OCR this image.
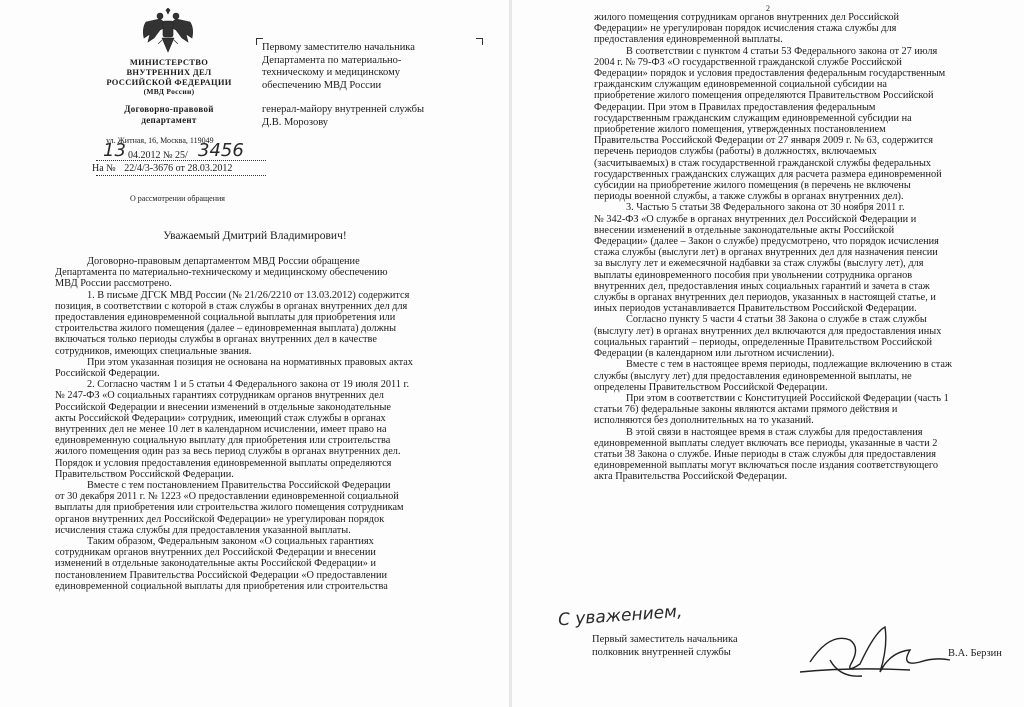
МИНИСТЕРСТВО
ВНУТРЕННИХ ДЕЛ
РОССИЙСКОЙ ФЕДЕРАЦИИ
(МВД России)
Договорно-правовой
департамент
ул. Житная, 16, Москва, 119049
13 04.2012 № 25/ 3456
На № 22/4/3-3676 от 28.03.2012
О рассмотрении обращения
Первому заместителю начальника
Департамента по материально-
техническому и медицинскому
обеспечению МВД России
генерал-майору внутренней службы
Д.В. Морозову
Уважаемый Дмитрий Владимирович!
Договорно-правовым департаментом МВД России обращение
Департамента по материально-техническому и медицинскому обеспечению
МВД России рассмотрено.
1. В письме ДГСК МВД России (№ 21/26/2210 от 13.03.2012) содержится
позиция, в соответствии с которой в стаж службы в органах внутренних дел для
предоставления единовременной социальной выплаты для приобретения или
строительства жилого помещения (далее – единовременная выплата) должны
включаться только периоды службы в органах внутренних дел в качестве
сотрудников, имеющих специальные звания.
При этом указанная позиция не основана на нормативных правовых актах
Российской Федерации.
2. Согласно частям 1 и 5 статьи 4 Федерального закона от 19 июля 2011 г.
№ 247-ФЗ «О социальных гарантиях сотрудникам органов внутренних дел
Российской Федерации и внесении изменений в отдельные законодательные
акты Российской Федерации» сотрудник, имеющий стаж службы в органах
внутренних дел не менее 10 лет в календарном исчислении, имеет право на
единовременную социальную выплату для приобретения или строительства
жилого помещения один раз за весь период службы в органах внутренних дел.
Порядок и условия предоставления единовременной выплаты определяются
Правительством Российской Федерации.
Вместе с тем постановлением Правительства Российской Федерации
от 30 декабря 2011 г. № 1223 «О предоставлении единовременной социальной
выплаты для приобретения или строительства жилого помещения сотрудникам
органов внутренних дел Российской Федерации» не урегулирован порядок
исчисления стажа службы для предоставления указанной выплаты.
Таким образом, Федеральным законом «О социальных гарантиях
сотрудникам органов внутренних дел Российской Федерации и внесении
изменений в отдельные законодательные акты Российской Федерации» и
постановлением Правительства Российской Федерации «О предоставлении
единовременной социальной выплаты для приобретения или строительства
2
жилого помещения сотрудникам органов внутренних дел Российской
Федерации» не урегулирован порядок исчисления стажа службы для
предоставления единовременной выплаты.
В соответствии с пунктом 4 статьи 53 Федерального закона от 27 июля
2004 г. № 79-ФЗ «О государственной гражданской службе Российской
Федерации» порядок и условия предоставления федеральным государственным
гражданским служащим единовременной социальной субсидии на
приобретение жилого помещения определяются Правительством Российской
Федерации. При этом в Правилах предоставления федеральным
государственным гражданским служащим единовременной субсидии на
приобретение жилого помещения, утвержденных постановлением
Правительства Российской Федерации от 27 января 2009 г. № 63, содержится
перечень периодов службы (работы) в должностях, включаемых
(засчитываемых) в стаж государственной гражданской службы федеральных
государственных гражданских служащих для расчета размера единовременной
субсидии на приобретение жилого помещения (в перечень не включены
периоды военной службы, а также службы в органах внутренних дел).
3. Частью 5 статьи 38 Федерального закона от 30 ноября 2011 г.
№ 342-ФЗ «О службе в органах внутренних дел Российской Федерации и
внесении изменений в отдельные законодательные акты Российской
Федерации» (далее – Закон о службе) предусмотрено, что порядок исчисления
стажа службы (выслуги лет) в органах внутренних дел для назначения пенсии
за выслугу лет и ежемесячной надбавки за стаж службы (выслугу лет), для
выплаты единовременного пособия при увольнении сотрудника органов
внутренних дел, предоставления иных социальных гарантий и зачета в стаж
службы в органах внутренних дел периодов, указанных в настоящей статье, и
иных периодов устанавливается Правительством Российской Федерации.
Согласно пункту 5 части 4 статьи 38 Закона о службе в стаж службы
(выслугу лет) в органах внутренних дел включаются для предоставления иных
социальных гарантий – периоды, определенные Правительством Российской
Федерации (в календарном или льготном исчислении).
Вместе с тем в настоящее время периоды, подлежащие включению в стаж
службы (выслугу лет) для предоставления единовременной выплаты, не
определены Правительством Российской Федерации.
При этом в соответствии с Конституцией Российской Федерации (часть 1
статьи 76) федеральные законы являются актами прямого действия и
исполняются без дополнительных на то указаний.
В этой связи в настоящее время в стаж службы для предоставления
единовременной выплаты следует включать все периоды, указанные в части 2
статьи 38 Закона о службе. Иные периоды в стаж службы для предоставления
единовременной выплаты могут включаться после издания соответствующего
акта Правительства Российской Федерации.
С уважением,
Первый заместитель начальника
полковник внутренней службы	В.А. Берзин
